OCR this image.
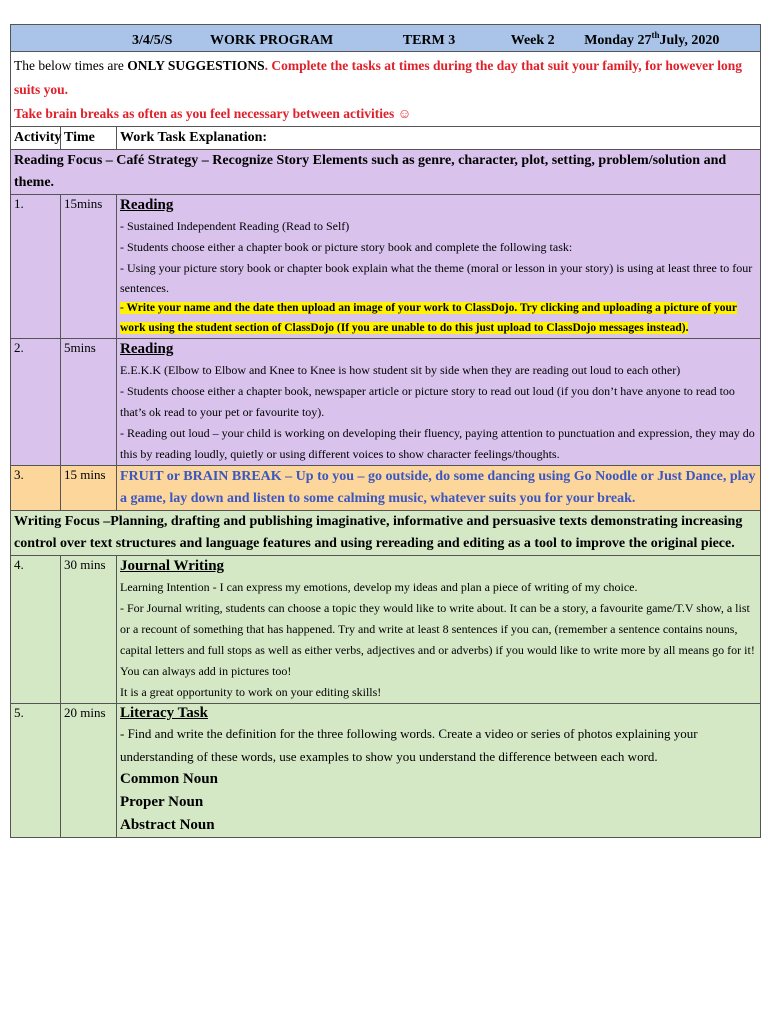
3/4/5/S WORK PROGRAM TERM 3 Week 2 Monday 27thJuly, 2020		
The below times are ONLY SUGGESTIONS. Complete the tasks at times during the day that suit your family, for however long suits you.
Take brain breaks as often as you feel necessary between activities ☺		
Activity	Time	Work Task Explanation:
Reading Focus – Café Strategy – Recognize Story Elements such as genre, character, plot, setting, problem/solution and theme.		
1.	15mins	Reading
- Sustained Independent Reading (Read to Self)
- Students choose either a chapter book or picture story book and complete the following task:
- Using your picture story book or chapter book explain what the theme (moral or lesson in your story) is using at least three to four sentences.
- Write your name and the date then upload an image of your work to ClassDojo. Try clicking and uploading a picture of your work using the student section of ClassDojo (If you are unable to do this just upload to ClassDojo messages instead).

2.	5mins	Reading
E.E.K.K (Elbow to Elbow and Knee to Knee is how student sit by side when they are reading out loud to each other)
- Students choose either a chapter book, newspaper article or picture story to read out loud (if you don’t have anyone to read too that’s ok read to your pet or favourite toy).
- Reading out loud – your child is working on developing their fluency, paying attention to punctuation and expression, they may do this by reading loudly, quietly or using different voices to show character feelings/thoughts.

3.	15 mins	FRUIT or BRAIN BREAK – Up to you – go outside, do some dancing using Go Noodle or Just Dance, play a game, lay down and listen to some calming music, whatever suits you for your break.
Writing Focus –Planning, drafting and publishing imaginative, informative and persuasive texts demonstrating increasing control over text structures and language features and using rereading and editing as a tool to improve the original piece.		
4.	30 mins	Journal Writing
Learning Intention - I can express my emotions, develop my ideas and plan a piece of writing of my choice.
- For Journal writing, students can choose a topic they would like to write about. It can be a story, a favourite game/T.V show, a list or a recount of something that has happened. Try and write at least 8 sentences if you can, (remember a sentence contains nouns, capital letters and full stops as well as either verbs, adjectives and or adverbs) if you would like to write more by all means go for it! You can always add in pictures too!
It is a great opportunity to work on your editing skills!

5.	20 mins	Literacy Task
- Find and write the definition for the three following words. Create a video or series of photos explaining your understanding of these words, use examples to show you understand the difference between each word.
Common Noun
Proper Noun
Abstract Noun
